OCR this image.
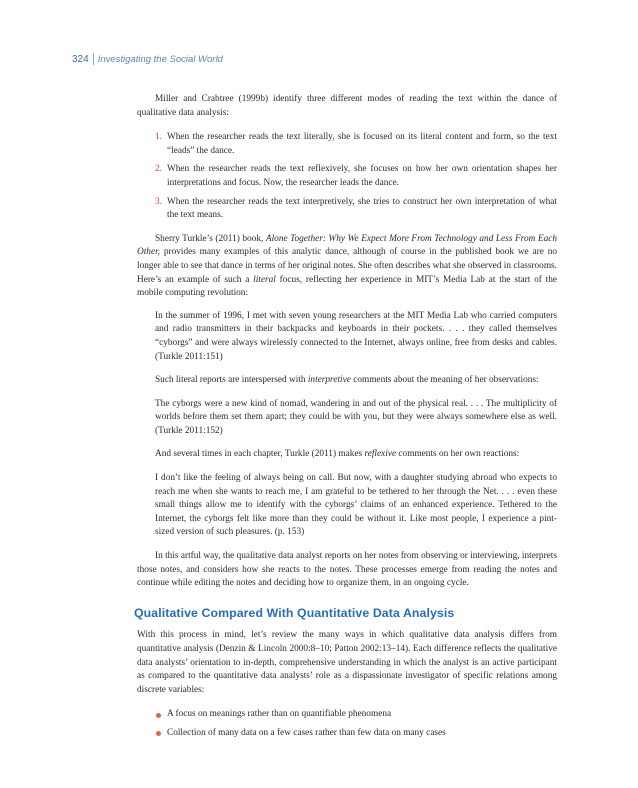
324 Investigating the Social World

Miller and Crabtree (1999b) identify three different modes of reading the text within the dance of qualitative data analysis:

1. When the researcher reads the text literally, she is focused on its literal content and form, so the text “leads” the dance.
2. When the researcher reads the text reflexively, she focuses on how her own orientation shapes her interpretations and focus. Now, the researcher leads the dance.
3. When the researcher reads the text interpretively, she tries to construct her own interpretation of what the text means.

Sherry Turkle’s (2011) book, Alone Together: Why We Expect More From Technology and Less From Each Other, provides many examples of this analytic dance, although of course in the published book we are no longer able to see that dance in terms of her original notes. She often describes what she observed in classrooms. Here’s an example of such a literal focus, reflecting her experience in MIT’s Media Lab at the start of the mobile computing revolution:

In the summer of 1996, I met with seven young researchers at the MIT Media Lab who carried computers and radio transmitters in their backpacks and keyboards in their pockets. . . . they called themselves “cyborgs” and were always wirelessly connected to the Internet, always online, free from desks and cables. (Turkle 2011:151)

Such literal reports are interspersed with interpretive comments about the meaning of her observations:

The cyborgs were a new kind of nomad, wandering in and out of the physical real. . . . The multiplicity of worlds before them set them apart; they could be with you, but they were always somewhere else as well. (Turkle 2011:152)

And several times in each chapter, Turkle (2011) makes reflexive comments on her own reactions:

I don’t like the feeling of always being on call. But now, with a daughter studying abroad who expects to reach me when she wants to reach me, I am grateful to be tethered to her through the Net. . . . even these small things allow me to identify with the cyborgs’ claims of an enhanced experience. Tethered to the Internet, the cyborgs felt like more than they could be without it. Like most people, I experience a pint-sized version of such pleasures. (p. 153)

In this artful way, the qualitative data analyst reports on her notes from observing or interviewing, interprets those notes, and considers how she reacts to the notes. These processes emerge from reading the notes and continue while editing the notes and deciding how to organize them, in an ongoing cycle.

Qualitative Compared With Quantitative Data Analysis

With this process in mind, let’s review the many ways in which qualitative data analysis differs from quantitative analysis (Denzin & Lincoln 2000:8–10; Patton 2002:13–14). Each difference reflects the qualitative data analysts’ orientation to in-depth, comprehensive understanding in which the analyst is an active participant as compared to the quantitative data analysts’ role as a dispassionate investigator of specific relations among discrete variables:

A focus on meanings rather than on quantifiable phenomena
Collection of many data on a few cases rather than few data on many cases
